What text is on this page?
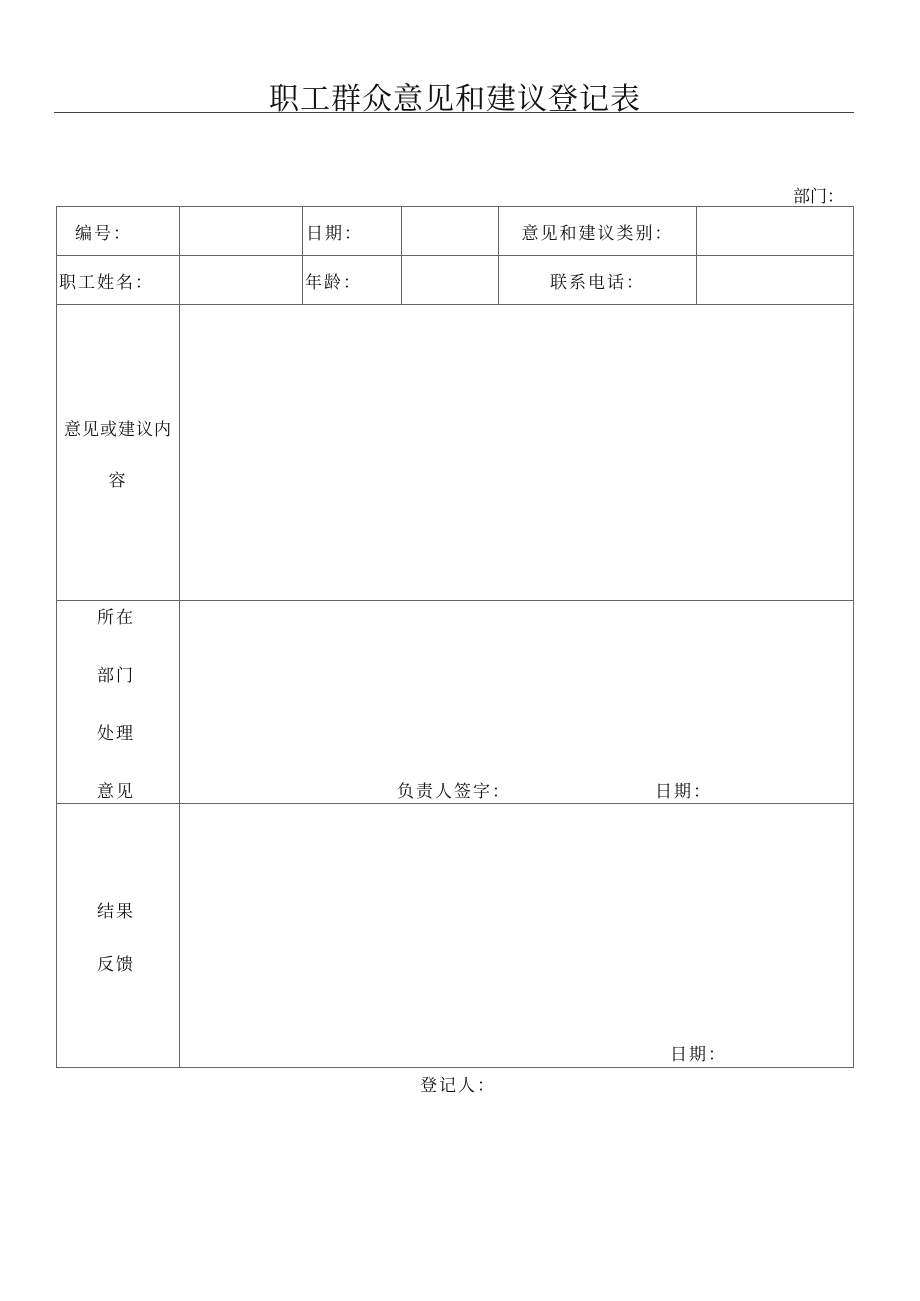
职工群众意见和建议登记表
部门：
编号：		日期：		意见和建议类别：	
职工姓名：		年龄：		联系电话：	

意见或建议内
容					

所在
部门
处理
意见	负责人签字： 日期：				

结果
反馈	日期：				
登记人：
